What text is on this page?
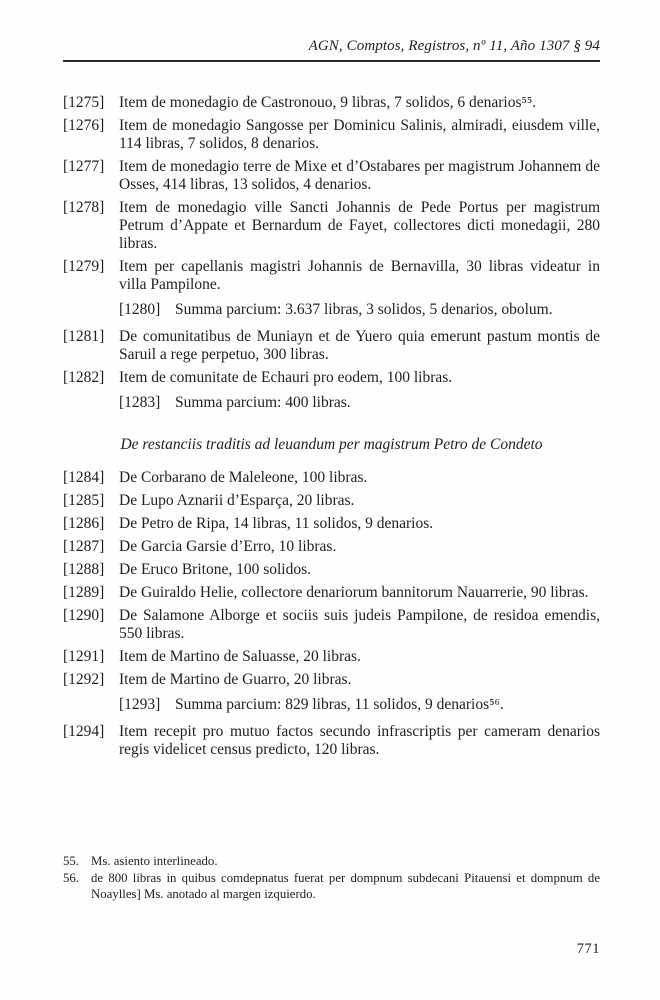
AGN, Comptos, Registros, nº 11, Año 1307 § 94
[1275] Item de monedagio de Castronouo, 9 libras, 7 solidos, 6 denarios⁵⁵.
[1276] Item de monedagio Sangosse per Dominicu Salinis, almiradi, eiusdem ville, 114 libras, 7 solidos, 8 denarios.
[1277] Item de monedagio terre de Mixe et d’Ostabares per magistrum Johannem de Osses, 414 libras, 13 solidos, 4 denarios.
[1278] Item de monedagio ville Sancti Johannis de Pede Portus per magistrum Petrum d’Appate et Bernardum de Fayet, collectores dicti monedagii, 280 libras.
[1279] Item per capellanis magistri Johannis de Bernavilla, 30 libras videatur in villa Pampilone.
[1280] Summa parcium: 3.637 libras, 3 solidos, 5 denarios, obolum.
[1281] De comunitatibus de Muniayn et de Yuero quia emerunt pastum montis de Saruil a rege perpetuo, 300 libras.
[1282] Item de comunitate de Echauri pro eodem, 100 libras.
[1283] Summa parcium: 400 libras.
De restanciis traditis ad leuandum per magistrum Petro de Condeto
[1284] De Corbarano de Maleleone, 100 libras.
[1285] De Lupo Aznarii d’Esparça, 20 libras.
[1286] De Petro de Ripa, 14 libras, 11 solidos, 9 denarios.
[1287] De Garcia Garsie d’Erro, 10 libras.
[1288] De Eruco Britone, 100 solidos.
[1289] De Guiraldo Helie, collectore denariorum bannitorum Nauarrerie, 90 libras.
[1290] De Salamone Alborge et sociis suis judeis Pampilone, de residoa emendis, 550 libras.
[1291] Item de Martino de Saluasse, 20 libras.
[1292] Item de Martino de Guarro, 20 libras.
[1293] Summa parcium: 829 libras, 11 solidos, 9 denarios⁵⁶.
[1294] Item recepit pro mutuo factos secundo infrascriptis per cameram denarios regis videlicet census predicto, 120 libras.
55. Ms. asiento interlineado.
56. de 800 libras in quibus comdepnatus fuerat per dompnum subdecani Pitauensi et dompnum de Noaylles] Ms. anotado al margen izquierdo.
771
